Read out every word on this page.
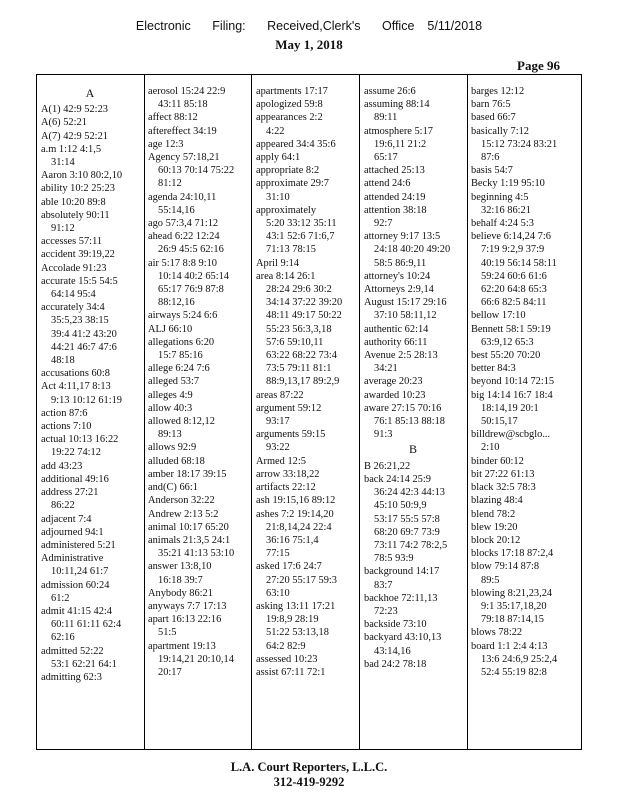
Electronic Filing: Received,Clerk's Office 5/11/2018
May 1, 2018
Page 96
A
A(1) 42:9 52:23
A(6) 52:21
A(7) 42:9 52:21
a.m 1:12 4:1,5
31:14
Aaron 3:10 80:2,10
ability 10:2 25:23
able 10:20 89:8
absolutely 90:11
91:12
accesses 57:11
accident 39:19,22
Accolade 91:23
accurate 15:5 54:5
64:14 95:4
accurately 34:4
35:5,23 38:15
39:4 41:2 43:20
44:21 46:7 47:6
48:18
accusations 60:8
Act 4:11,17 8:13
9:13 10:12 61:19
action 87:6
actions 7:10
actual 10:13 16:22
19:22 74:12
add 43:23
additional 49:16
address 27:21
86:22
adjacent 7:4
adjourned 94:1
administered 5:21
Administrative
10:11,24 61:7
admission 60:24
61:2
admit 41:15 42:4
60:11 61:11 62:4
62:16
admitted 52:22
53:1 62:21 64:1
admitting 62:3
aerosol 15:24 22:9
43:11 85:18
affect 88:12
aftereffect 34:19
age 12:3
Agency 57:18,21
60:13 70:14 75:22
81:12
agenda 24:10,11
55:14,16
ago 57:3,4 71:12
ahead 6:22 12:24
26:9 45:5 62:16
air 5:17 8:8 9:10
10:14 40:2 65:14
65:17 76:9 87:8
88:12,16
airways 5:24 6:6
ALJ 66:10
allegations 6:20
15:7 85:16
allege 6:24 7:6
alleged 53:7
alleges 4:9
allow 40:3
allowed 8:12,12
89:13
allows 92:9
alluded 68:18
amber 18:17 39:15
and(C) 66:1
Anderson 32:22
Andrew 2:13 5:2
animal 10:17 65:20
animals 21:3,5 24:1
35:21 41:13 53:10
answer 13:8,10
16:18 39:7
Anybody 86:21
anyways 7:7 17:13
apart 16:13 22:16
51:5
apartment 19:13
19:14,21 20:10,14
20:17
apartments 17:17
apologized 59:8
appearances 2:2
4:22
appeared 34:4 35:6
apply 64:1
appropriate 8:2
approximate 29:7
31:10
approximately
5:20 33:12 35:11
43:1 52:6 71:6,7
71:13 78:15
April 9:14
area 8:14 26:1
28:24 29:6 30:2
34:14 37:22 39:20
48:11 49:17 50:22
55:23 56:3,3,18
57:6 59:10,11
63:22 68:22 73:4
73:5 79:11 81:1
88:9,13,17 89:2,9
areas 87:22
argument 59:12
93:17
arguments 59:15
93:22
Armed 12:5
arrow 33:18,22
artifacts 22:12
ash 19:15,16 89:12
ashes 7:2 19:14,20
21:8,14,24 22:4
36:16 75:1,4
77:15
asked 17:6 24:7
27:20 55:17 59:3
63:10
asking 13:11 17:21
19:8,9 28:19
51:22 53:13,18
64:2 82:9
assessed 10:23
assist 67:11 72:1
assume 26:6
assuming 88:14
89:11
atmosphere 5:17
19:6,11 21:2
65:17
attached 25:13
attend 24:6
attended 24:19
attention 38:18
92:7
attorney 9:17 13:5
24:18 40:20 49:20
58:5 86:9,11
attorney's 10:24
Attorneys 2:9,14
August 15:17 29:16
37:10 58:11,12
authentic 62:14
authority 66:11
Avenue 2:5 28:13
34:21
average 20:23
awarded 10:23
aware 27:15 70:16
76:1 85:13 88:18
91:3
B
B 26:21,22
back 24:14 25:9
36:24 42:3 44:13
45:10 50:9,9
53:17 55:5 57:8
68:20 69:7 73:9
73:11 74:2 78:2,5
78:5 93:9
background 14:17
83:7
backhoe 72:11,13
72:23
backside 73:10
backyard 43:10,13
43:14,16
bad 24:2 78:18
barges 12:12
barn 76:5
based 66:7
basically 7:12
15:12 73:24 83:21
87:6
basis 54:7
Becky 1:19 95:10
beginning 4:5
32:16 86:21
behalf 4:24 5:3
believe 6:14,24 7:6
7:19 9:2,9 37:9
40:19 56:14 58:11
59:24 60:6 61:6
62:20 64:8 65:3
66:6 82:5 84:11
bellow 17:10
Bennett 58:1 59:19
63:9,12 65:3
best 55:20 70:20
better 84:3
beyond 10:14 72:15
big 14:14 16:7 18:4
18:14,19 20:1
50:15,17
billdrew@scbglo...
2:10
binder 60:12
bit 27:22 61:13
black 32:5 78:3
blazing 48:4
blend 78:2
blew 19:20
block 20:12
blocks 17:18 87:2,4
blow 79:14 87:8
89:5
blowing 8:21,23,24
9:1 35:17,18,20
79:18 87:14,15
blows 78:22
board 1:1 2:4 4:13
13:6 24:6,9 25:2,4
52:4 55:19 82:8
L.A. Court Reporters, L.L.C.
312-419-9292
